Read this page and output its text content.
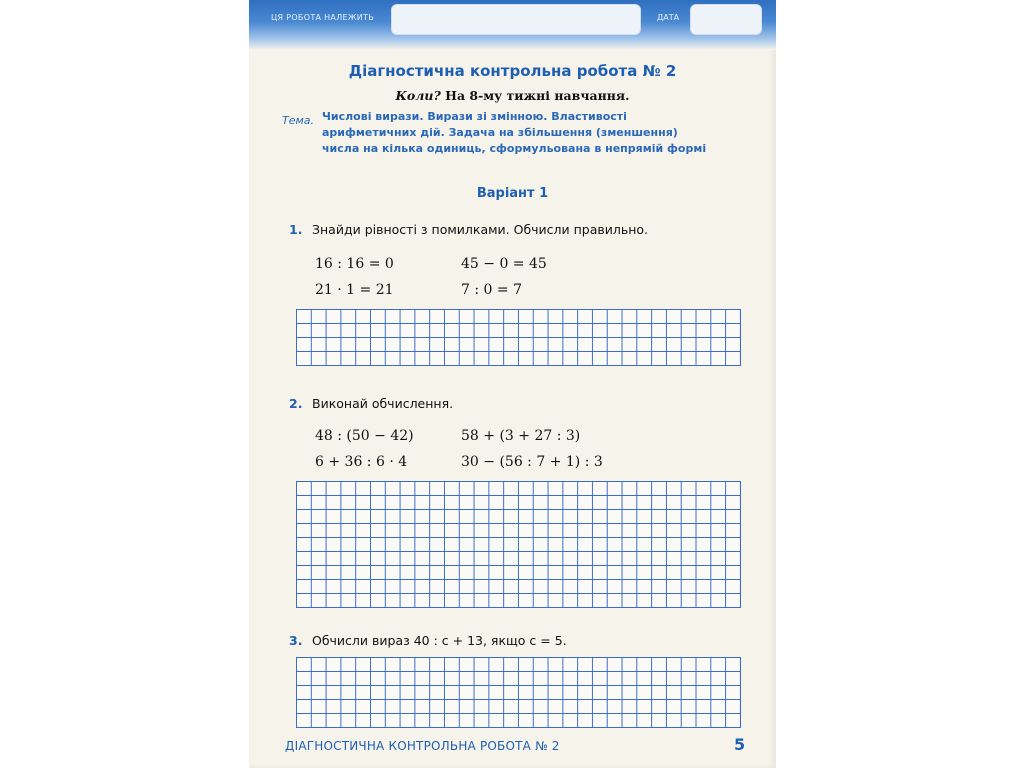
ЦЯ РОБОТА НАЛЕЖИТЬ	ДАТА
Діагностична контрольна робота № 2
Коли? На 8-му тижні навчання.
Тема. Числові вирази. Вирази зі змінною. Властивості
арифметичних дій. Задача на збільшення (зменшення)
числа на кілька одиниць, сформульована в непрямій формі
Варіант 1
1. Знайди рівності з помилками. Обчисли правильно.
16 : 16 = 0	45 − 0 = 45
21 · 1 = 21	7 : 0 = 7
2. Виконай обчислення.
48 : (50 − 42)	58 + (3 + 27 : 3)
6 + 36 : 6 · 4	30 − (56 : 7 + 1) : 3
3. Обчисли вираз 40 : c + 13, якщо c = 5.
ДІАГНОСТИЧНА КОНТРОЛЬНА РОБОТА № 2	5
